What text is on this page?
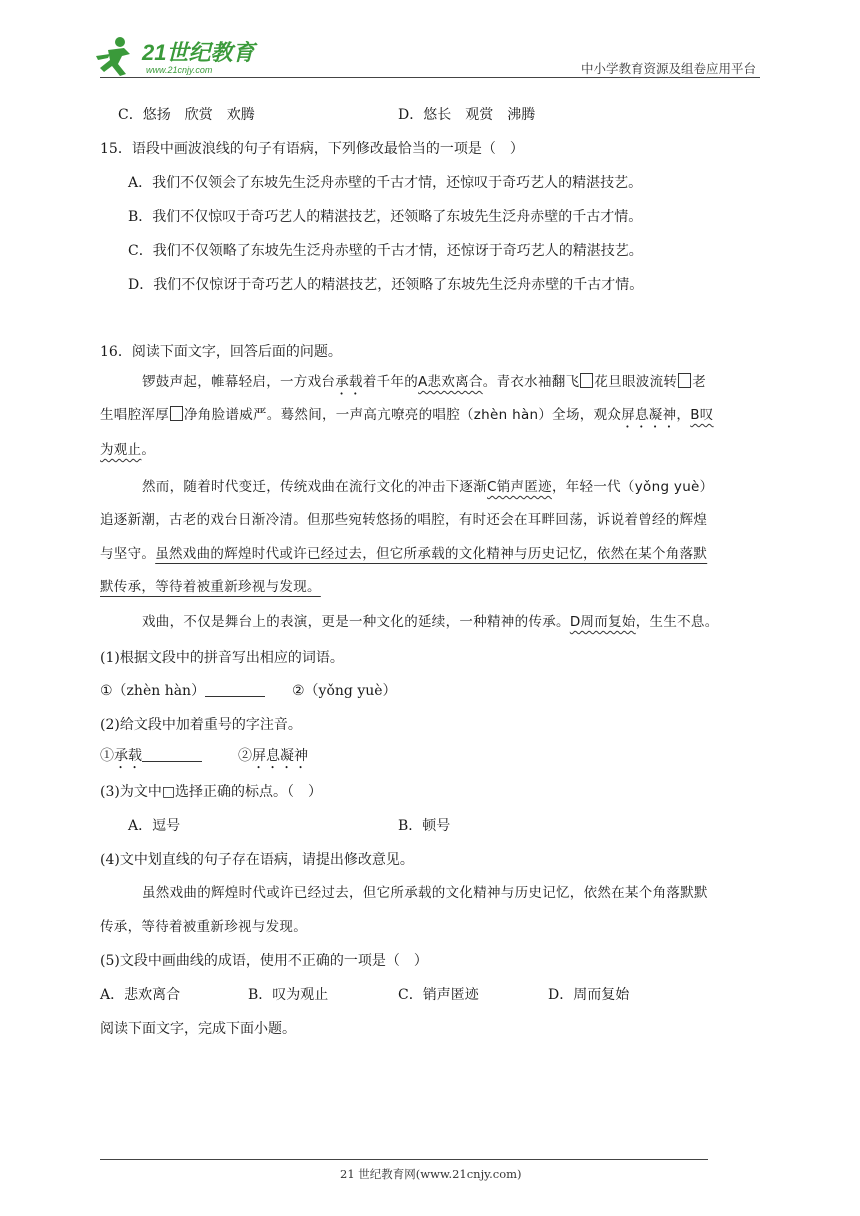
21世纪教育
www.21cnjy.com	中小学教育资源及组卷应用平台
C．悠扬　欣赏　欢腾	D．悠长　观赏　沸腾
15．语段中画波浪线的句子有语病，下列修改最恰当的一项是（　）
A．我们不仅领会了东坡先生泛舟赤壁的千古才情，还惊叹于奇巧艺人的精湛技艺。
B．我们不仅惊叹于奇巧艺人的精湛技艺，还领略了东坡先生泛舟赤壁的千古才情。
C．我们不仅领略了东坡先生泛舟赤壁的千古才情，还惊讶于奇巧艺人的精湛技艺。
D．我们不仅惊讶于奇巧艺人的精湛技艺，还领略了东坡先生泛舟赤壁的千古才情。
16．阅读下面文字，回答后面的问题。
锣鼓声起，帷幕轻启，一方戏台承载着千年的A悲欢离合。青衣水袖翻飞 花旦眼波流转 老
生唱腔浑厚 净角脸谱威严。蓦然间，一声高亢嘹亮的唱腔（zhèn hàn）全场，观众屏息凝神，B叹
为观止。
然而，随着时代变迁，传统戏曲在流行文化的冲击下逐渐C销声匿迹，年轻一代（yǒng yuè）
追逐新潮，古老的戏台日渐冷清。但那些宛转悠扬的唱腔，有时还会在耳畔回荡，诉说着曾经的辉煌
与坚守。虽然戏曲的辉煌时代或许已经过去，但它所承载的文化精神与历史记忆，依然在某个角落默
默传承，等待着被重新珍视与发现。
戏曲，不仅是舞台上的表演，更是一种文化的延续，一种精神的传承。D周而复始，生生不息。
(1)根据文段中的拼音写出相应的词语。
①（zhèn hàn）	②（yǒng yuè）
(2)给文段中加着重号的字注音。
①承载	②屏息凝神
(3)为文中□选择正确的标点。（　）
A．逗号	B．顿号
(4)文中划直线的句子存在语病，请提出修改意见。
虽然戏曲的辉煌时代或许已经过去，但它所承载的文化精神与历史记忆，依然在某个角落默默
传承，等待着被重新珍视与发现。
(5)文段中画曲线的成语，使用不正确的一项是（　）
A．悲欢离合	B．叹为观止	C．销声匿迹	D．周而复始
阅读下面文字，完成下面小题。
21 世纪教育网(www.21cnjy.com)
